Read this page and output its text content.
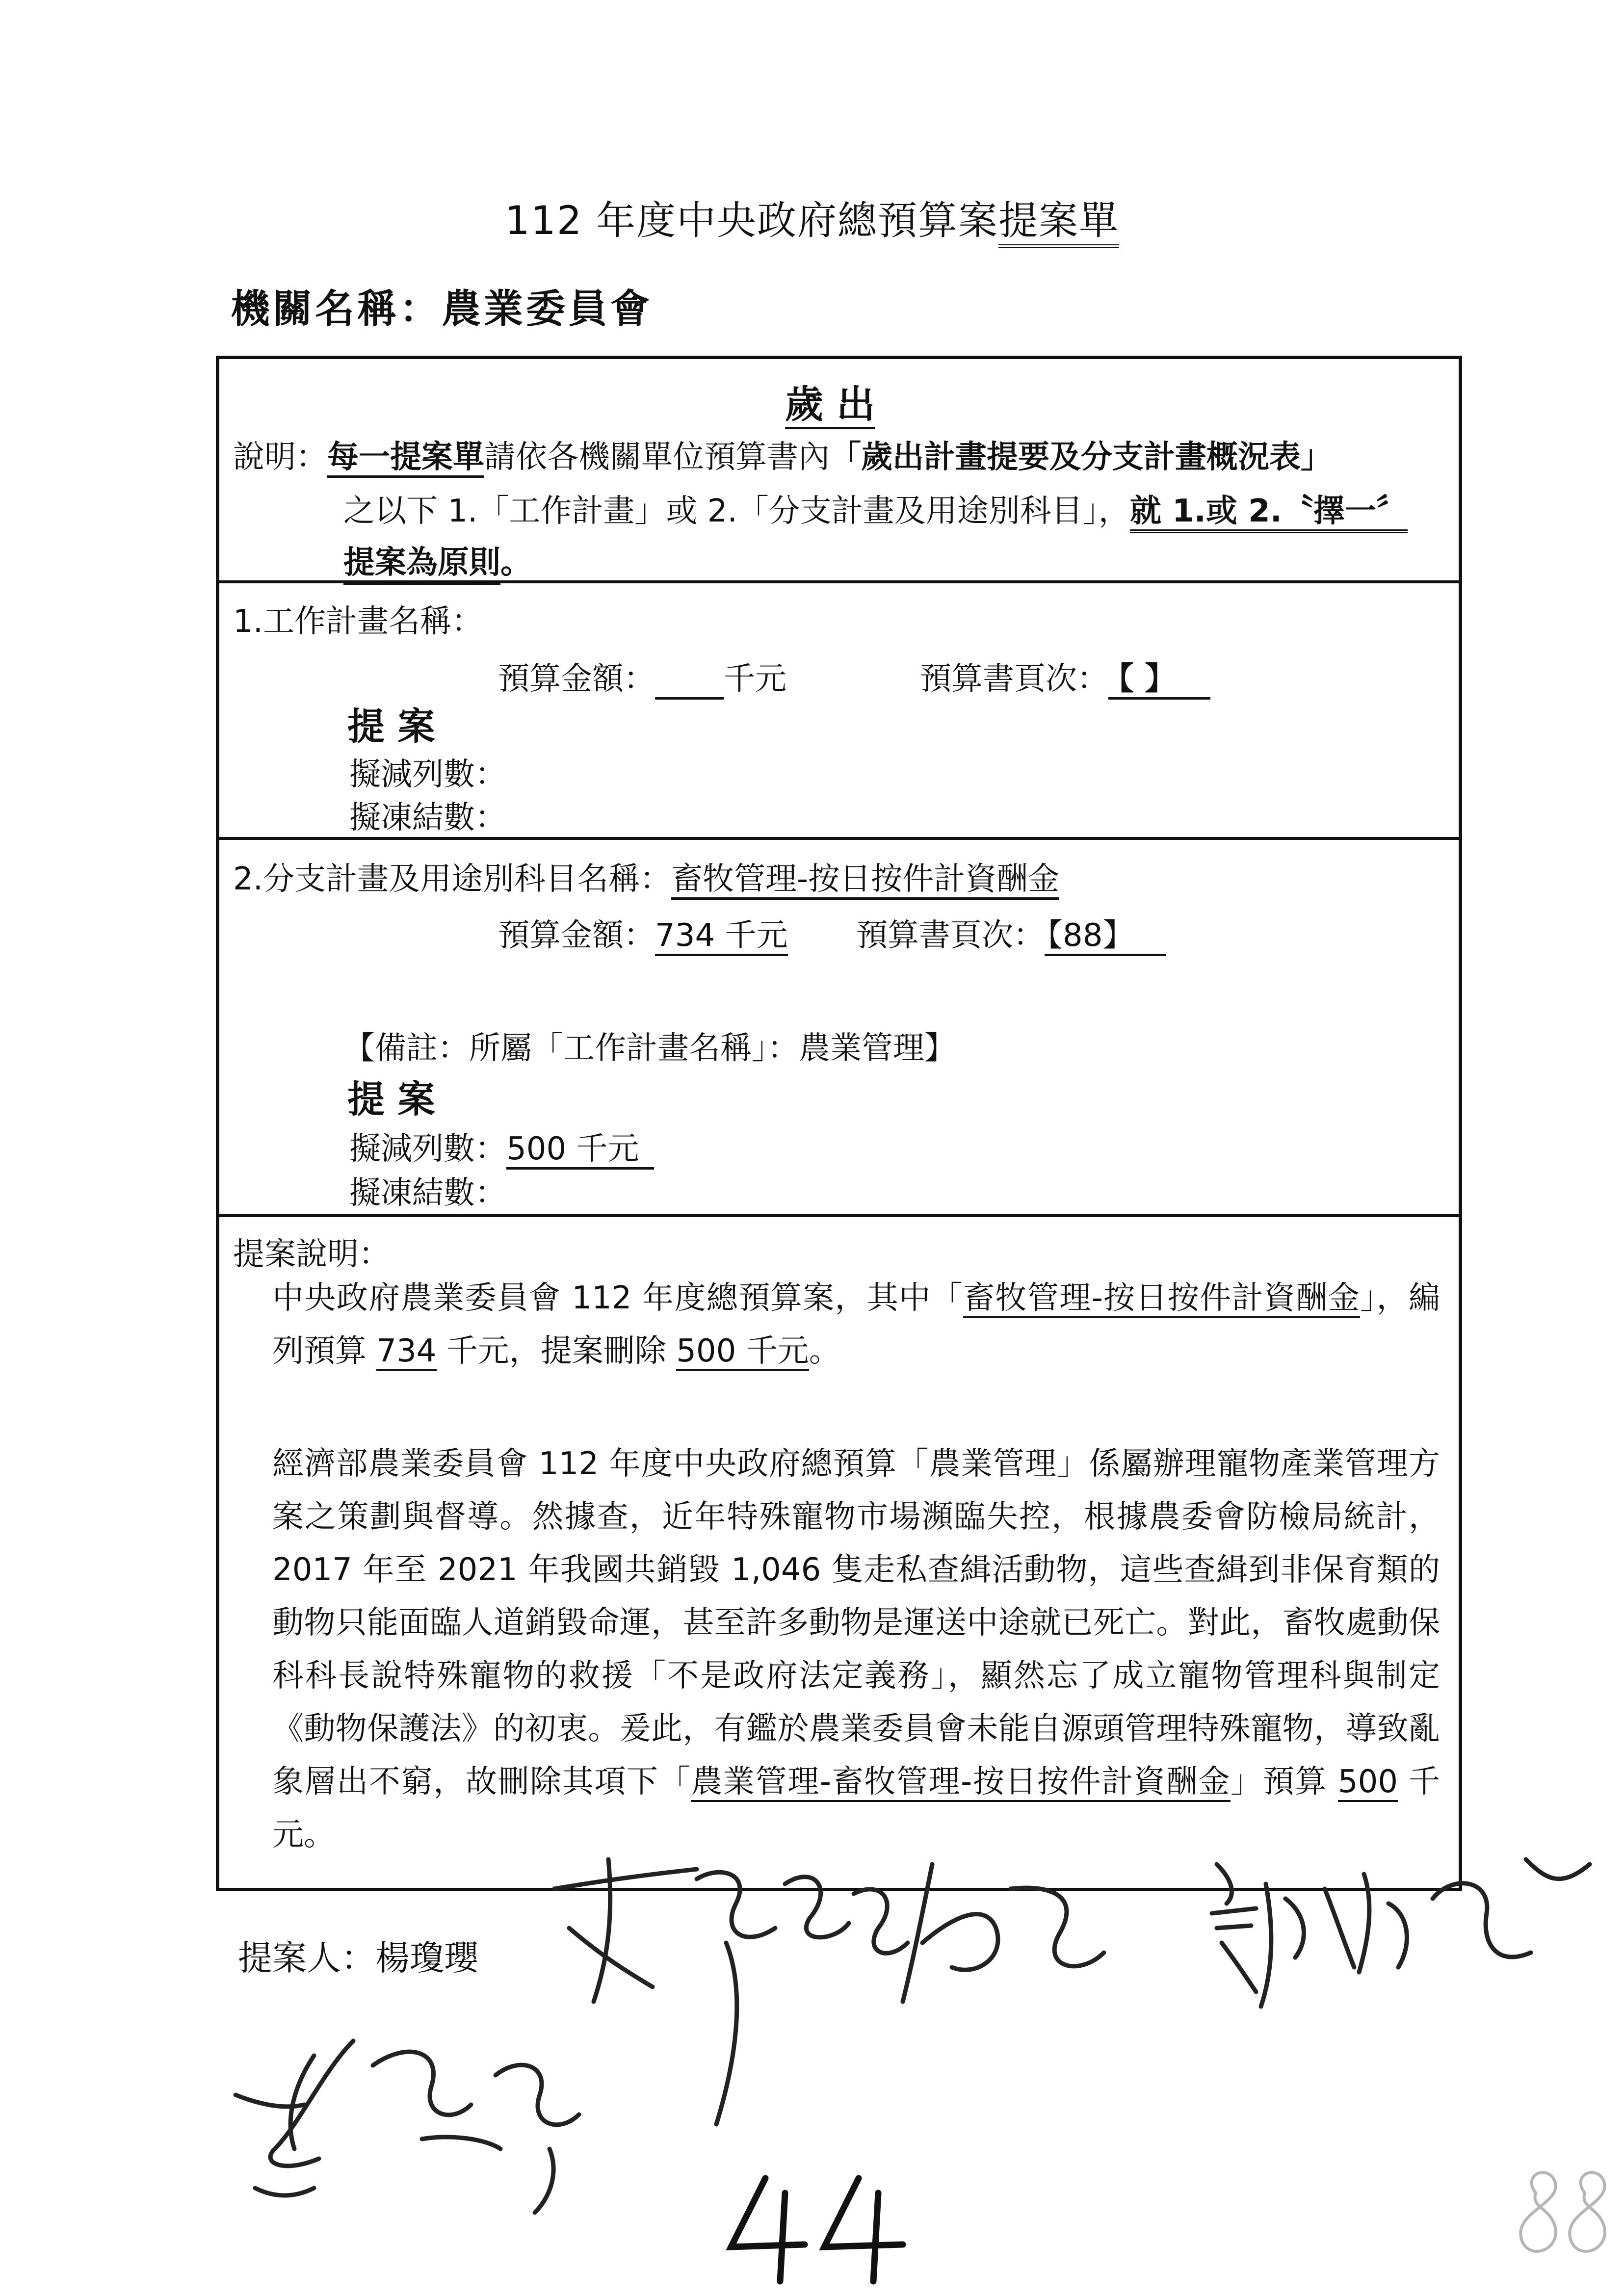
112 年度中央政府總預算案提案單
機關名稱：農業委員會
歲 出
說明：每一提案單請依各機關單位預算書內「歲出計畫提要及分支計畫概況表」
之以下 1.「工作計畫」或 2.「分支計畫及用途別科目」，就 1.或 2.〝擇一〞
提案為原則。
1.工作計畫名稱：
預算金額： 千元	預算書頁次： 【 】
提 案
擬減列數：
擬凍結數：
2.分支計畫及用途別科目名稱：畜牧管理-按日按件計資酬金
預算金額：734 千元 預算書頁次：【88】
【備註：所屬「工作計畫名稱」：農業管理】
提 案
擬減列數：500 千元
擬凍結數：
提案說明：
中央政府農業委員會 112 年度總預算案，其中「畜牧管理-按日按件計資酬金」，編列預算 734 千元，提案刪除 500 千元。
經濟部農業委員會 112 年度中央政府總預算「農業管理」係屬辦理寵物產業管理方案之策劃與督導。然據查，近年特殊寵物市場瀕臨失控，根據農委會防檢局統計，2017 年至 2021 年我國共銷毀 1,046 隻走私查緝活動物，這些查緝到非保育類的動物只能面臨人道銷毀命運，甚至許多動物是運送中途就已死亡。對此，畜牧處動保科科長說特殊寵物的救援「不是政府法定義務」，顯然忘了成立寵物管理科與制定《動物保護法》的初衷。爰此，有鑑於農業委員會未能自源頭管理特殊寵物，導致亂象層出不窮，故刪除其項下「農業管理-畜牧管理-按日按件計資酬金」預算 500 千元。
提案人：楊瓊瓔
